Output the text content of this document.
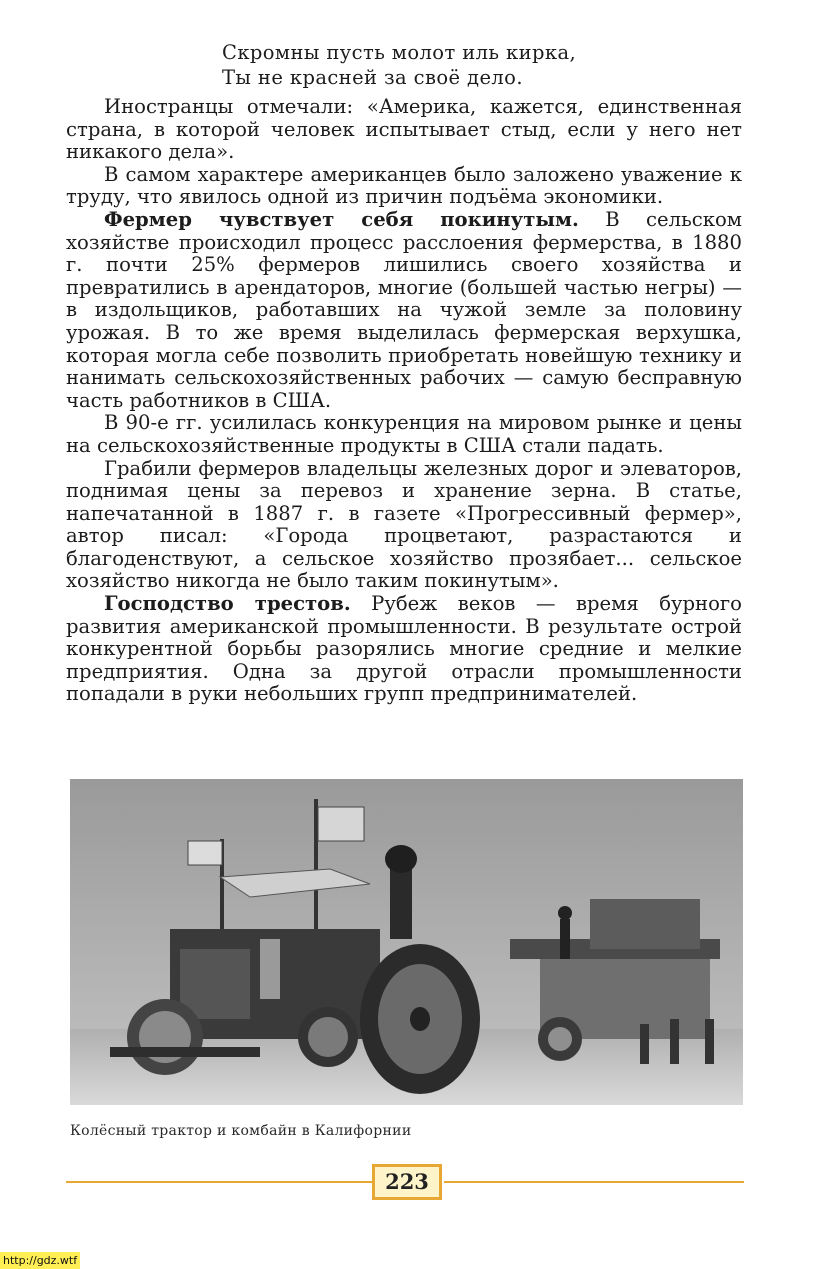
Скромны пусть молот иль кирка,
Ты не красней за своё дело.

Иностранцы отмечали: «Америка, кажется, единственная страна, в которой человек испытывает стыд, если у него нет никакого дела».

В самом характере американцев было заложено уважение к труду, что явилось одной из причин подъёма экономики.

Фермер чувствует себя покинутым. В сельском хозяйстве происходил процесс расслоения фермерства, в 1880 г. почти 25% фермеров лишились своего хозяйства и превратились в арендаторов, многие (большей частью негры) — в издольщиков, работавших на чужой земле за половину урожая. В то же время выделилась фермерская верхушка, которая могла себе позволить приобретать новейшую технику и нанимать сельскохозяйственных рабочих — самую бесправную часть работников в США.

В 90-е гг. усилилась конкуренция на мировом рынке и цены на сельскохозяйственные продукты в США стали падать.

Грабили фермеров владельцы железных дорог и элеваторов, поднимая цены за перевоз и хранение зерна. В статье, напечатанной в 1887 г. в газете «Прогрессивный фермер», автор писал: «Города процветают, разрастаются и благоденствуют, а сельское хозяйство прозябает... сельское хозяйство никогда не было таким покинутым».

Господство трестов. Рубеж веков — время бурного развития американской промышленности. В результате острой конкурентной борьбы разорялись многие средние и мелкие предприятия. Одна за другой отрасли промышленности попадали в руки небольших групп предпринимателей.

Колёсный трактор и комбайн в Калифорнии
223
http://gdz.wtf
